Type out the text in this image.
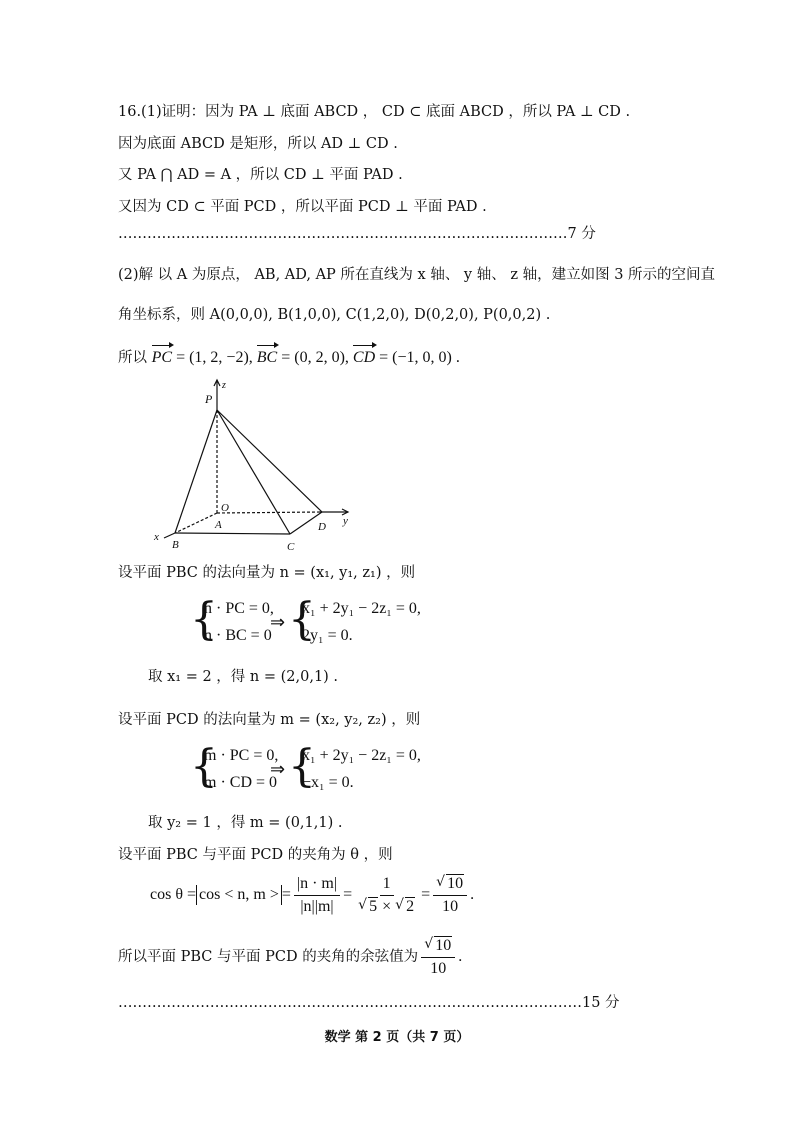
16.(1)证明：因为 PA ⊥ 底面 ABCD ， CD ⊂ 底面 ABCD ，所以 PA ⊥ CD .
因为底面 ABCD 是矩形，所以 AD ⊥ CD .
又 PA ⋂ AD = A ，所以 CD ⊥ 平面 PAD .
又因为 CD ⊂ 平面 PCD ，所以平面 PCD ⊥ 平面 PAD .
…………………………………………………………………………………7 分
(2)解 以 A 为原点， AB, AD, AP 所在直线为 x 轴、 y 轴、 z 轴，建立如图 3 所示的空间直
角坐标系，则 A(0,0,0), B(1,0,0), C(1,2,0), D(0,2,0), P(0,0,2) .
所以 PC = (1, 2, −2), BC = (0, 2, 0), CD = (−1, 0, 0) .
z
y
x
P
O
A
B	C
D
设平面 PBC 的法向量为 n = (x₁, y₁, z₁) ，则
{
n · PC = 0,
n · BC = 0
⇒ {
x₁ + 2y₁ − 2z₁ = 0,
2y₁ = 0.
取 x₁ = 2 ，得 n = (2,0,1) .
设平面 PCD 的法向量为 m = (x₂, y₂, z₂) ，则
{
m · PC = 0,
m · CD = 0
⇒ {
x₁ + 2y₁ − 2z₁ = 0,
−x₁ = 0.
取 y₂ = 1 ，得 m = (0,1,1) .
设平面 PBC 与平面 PCD 的夹角为 θ ，则
cos θ = cos < n, m > = $\frac{|n \cdot m|}{|n||m|} = \frac{1}{√ 5 \times √ 2} = \frac{√ 10}{10}$ .
所以平面 PBC 与平面 PCD 的夹角的余弦值为 $\frac{√ 10}{10}$ .
……………………………………………………………………………………15 分
数学 第 2 页（共 7 页）
